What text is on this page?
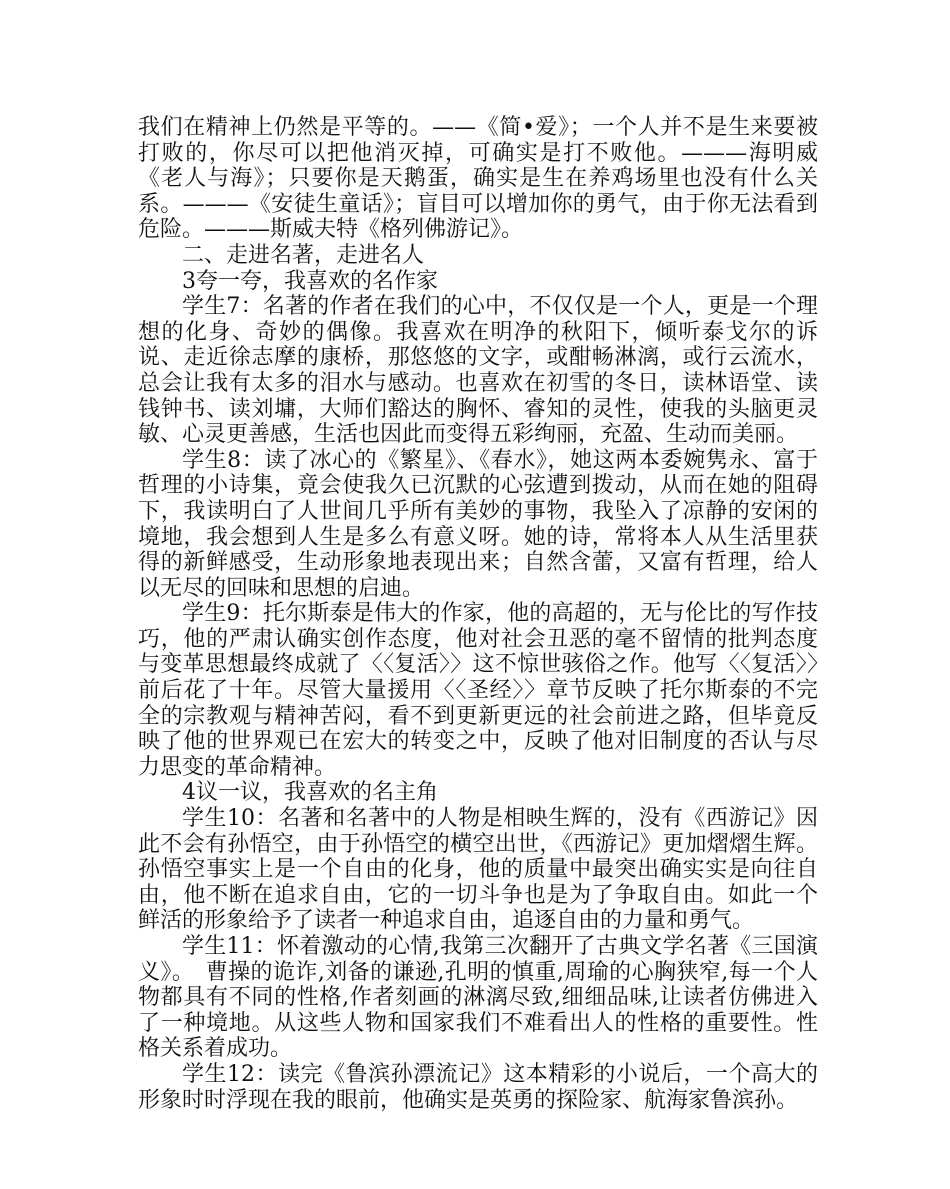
我们在精神上仍然是平等的。——《简•爱》；一个人并不是生来要被打败的，你尽可以把他消灭掉，可确实是打不败他。———海明威《老人与海》；只要你是天鹅蛋，确实是生在养鸡场里也没有什么关系。———《安徒生童话》；盲目可以增加你的勇气，由于你无法看到危险。———斯威夫特《格列佛游记》。

二、走进名著，走进名人

3夸一夸，我喜欢的名作家

学生7：名著的作者在我们的心中，不仅仅是一个人，更是一个理想的化身、奇妙的偶像。我喜欢在明净的秋阳下，倾听泰戈尔的诉说、走近徐志摩的康桥，那悠悠的文字，或酣畅淋漓，或行云流水，总会让我有太多的泪水与感动。也喜欢在初雪的冬日，读林语堂、读钱钟书、读刘墉，大师们豁达的胸怀、睿知的灵性，使我的头脑更灵敏、心灵更善感，生活也因此而变得五彩绚丽，充盈、生动而美丽。

学生8：读了冰心的《繁星》、《春水》，她这两本委婉隽永、富于哲理的小诗集，竟会使我久已沉默的心弦遭到拨动，从而在她的阻碍下，我读明白了人世间几乎所有美妙的事物，我坠入了凉静的安闲的境地，我会想到人生是多么有意义呀。她的诗，常将本人从生活里获得的新鲜感受，生动形象地表现出来；自然含蕾，又富有哲理，给人以无尽的回味和思想的启迪。

学生9：托尔斯泰是伟大的作家，他的高超的，无与伦比的写作技巧，他的严肃认确实创作态度，他对社会丑恶的毫不留情的批判态度与变革思想最终成就了〈〈复活〉〉这不惊世骇俗之作。他写〈〈复活〉〉前后花了十年。尽管大量援用〈〈圣经〉〉章节反映了托尔斯泰的不完全的宗教观与精神苦闷，看不到更新更远的社会前进之路，但毕竟反映了他的世界观已在宏大的转变之中，反映了他对旧制度的否认与尽力思变的革命精神。

4议一议，我喜欢的名主角

学生10：名著和名著中的人物是相映生辉的，没有《西游记》因此不会有孙悟空，由于孙悟空的横空出世，《西游记》更加熠熠生辉。孙悟空事实上是一个自由的化身，他的质量中最突出确实实是向往自由，他不断在追求自由，它的一切斗争也是为了争取自由。如此一个鲜活的形象给予了读者一种追求自由，追逐自由的力量和勇气。

学生11：怀着激动的心情,我第三次翻开了古典文学名著《三国演义》。　曹操的诡诈,刘备的谦逊,孔明的慎重,周瑜的心胸狭窄,每一个人物都具有不同的性格,作者刻画的淋漓尽致,细细品味,让读者仿佛进入了一种境地。从这些人物和国家我们不难看出人的性格的重要性。性格关系着成功。

学生12：读完《鲁滨孙漂流记》这本精彩的小说后，一个高大的形象时时浮现在我的眼前，他确实是英勇的探险家、航海家鲁滨孙。
